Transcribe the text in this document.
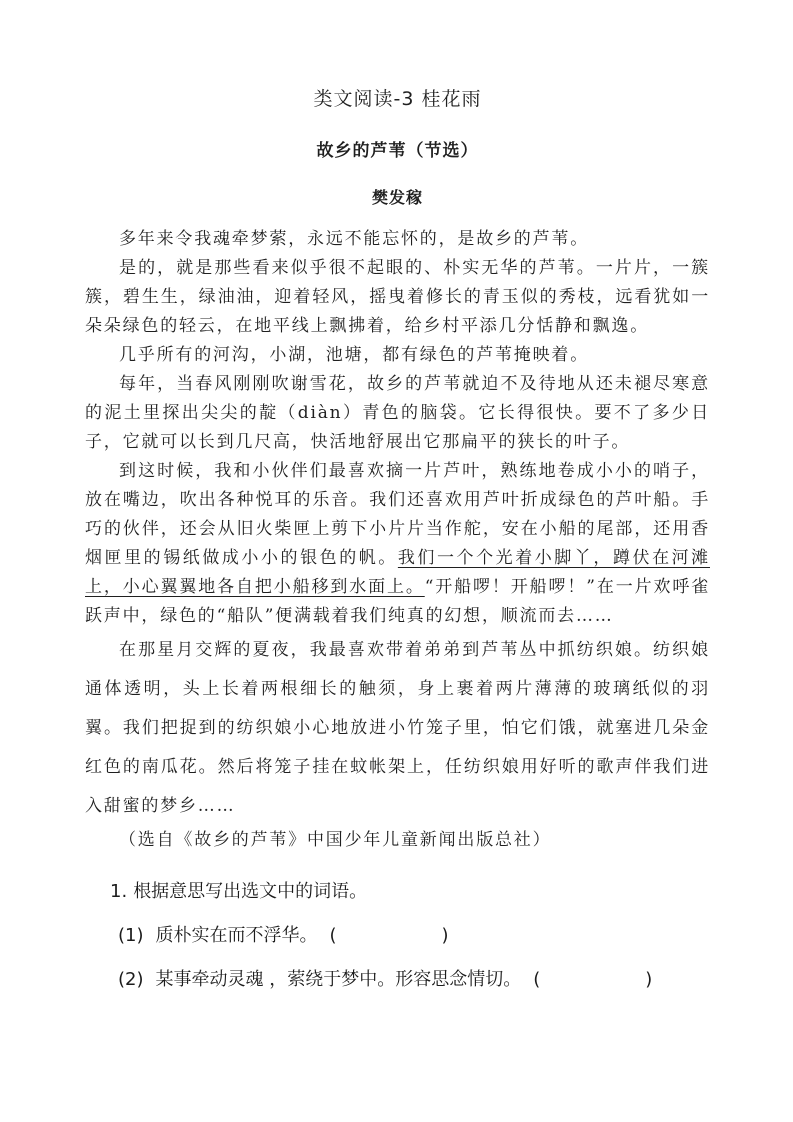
类文阅读-3 桂花雨
故乡的芦苇（节选）
樊发稼

多年来令我魂牵梦萦，永远不能忘怀的，是故乡的芦苇。

是的，就是那些看来似乎很不起眼的、朴实无华的芦苇。一片片，一簇簇，碧生生，绿油油，迎着轻风，摇曳着修长的青玉似的秀枝，远看犹如一朵朵绿色的轻云，在地平线上飘拂着，给乡村平添几分恬静和飘逸。

几乎所有的河沟，小湖，池塘，都有绿色的芦苇掩映着。

每年，当春风刚刚吹谢雪花，故乡的芦苇就迫不及待地从还未褪尽寒意的泥土里探出尖尖的靛（diàn）青色的脑袋。它长得很快。要不了多少日子，它就可以长到几尺高，快活地舒展出它那扁平的狭长的叶子。

到这时候，我和小伙伴们最喜欢摘一片芦叶，熟练地卷成小小的哨子，放在嘴边，吹出各种悦耳的乐音。我们还喜欢用芦叶折成绿色的芦叶船。手巧的伙伴，还会从旧火柴匣上剪下小片片当作舵，安在小船的尾部，还用香烟匣里的锡纸做成小小的银色的帆。我们一个个光着小脚丫，蹲伏在河滩上，小心翼翼地各自把小船移到水面上。“开船啰！开船啰！”在一片欢呼雀跃声中，绿色的“船队”便满载着我们纯真的幻想，顺流而去……

在那星月交辉的夏夜，我最喜欢带着弟弟到芦苇丛中抓纺织娘。纺织娘通体透明，头上长着两根细长的触须，身上裹着两片薄薄的玻璃纸似的羽翼。我们把捉到的纺织娘小心地放进小竹笼子里，怕它们饿，就塞进几朵金红色的南瓜花。然后将笼子挂在蚊帐架上，任纺织娘用好听的歌声伴我们进入甜蜜的梦乡……

（选自《故乡的芦苇》中国少年儿童新闻出版总社）

1. 根据意思写出选文中的词语。

(1) 质朴实在而不浮华。 (	)

(2) 某事牵动灵魂 ，萦绕于梦中。形容思念情切。 (	)
